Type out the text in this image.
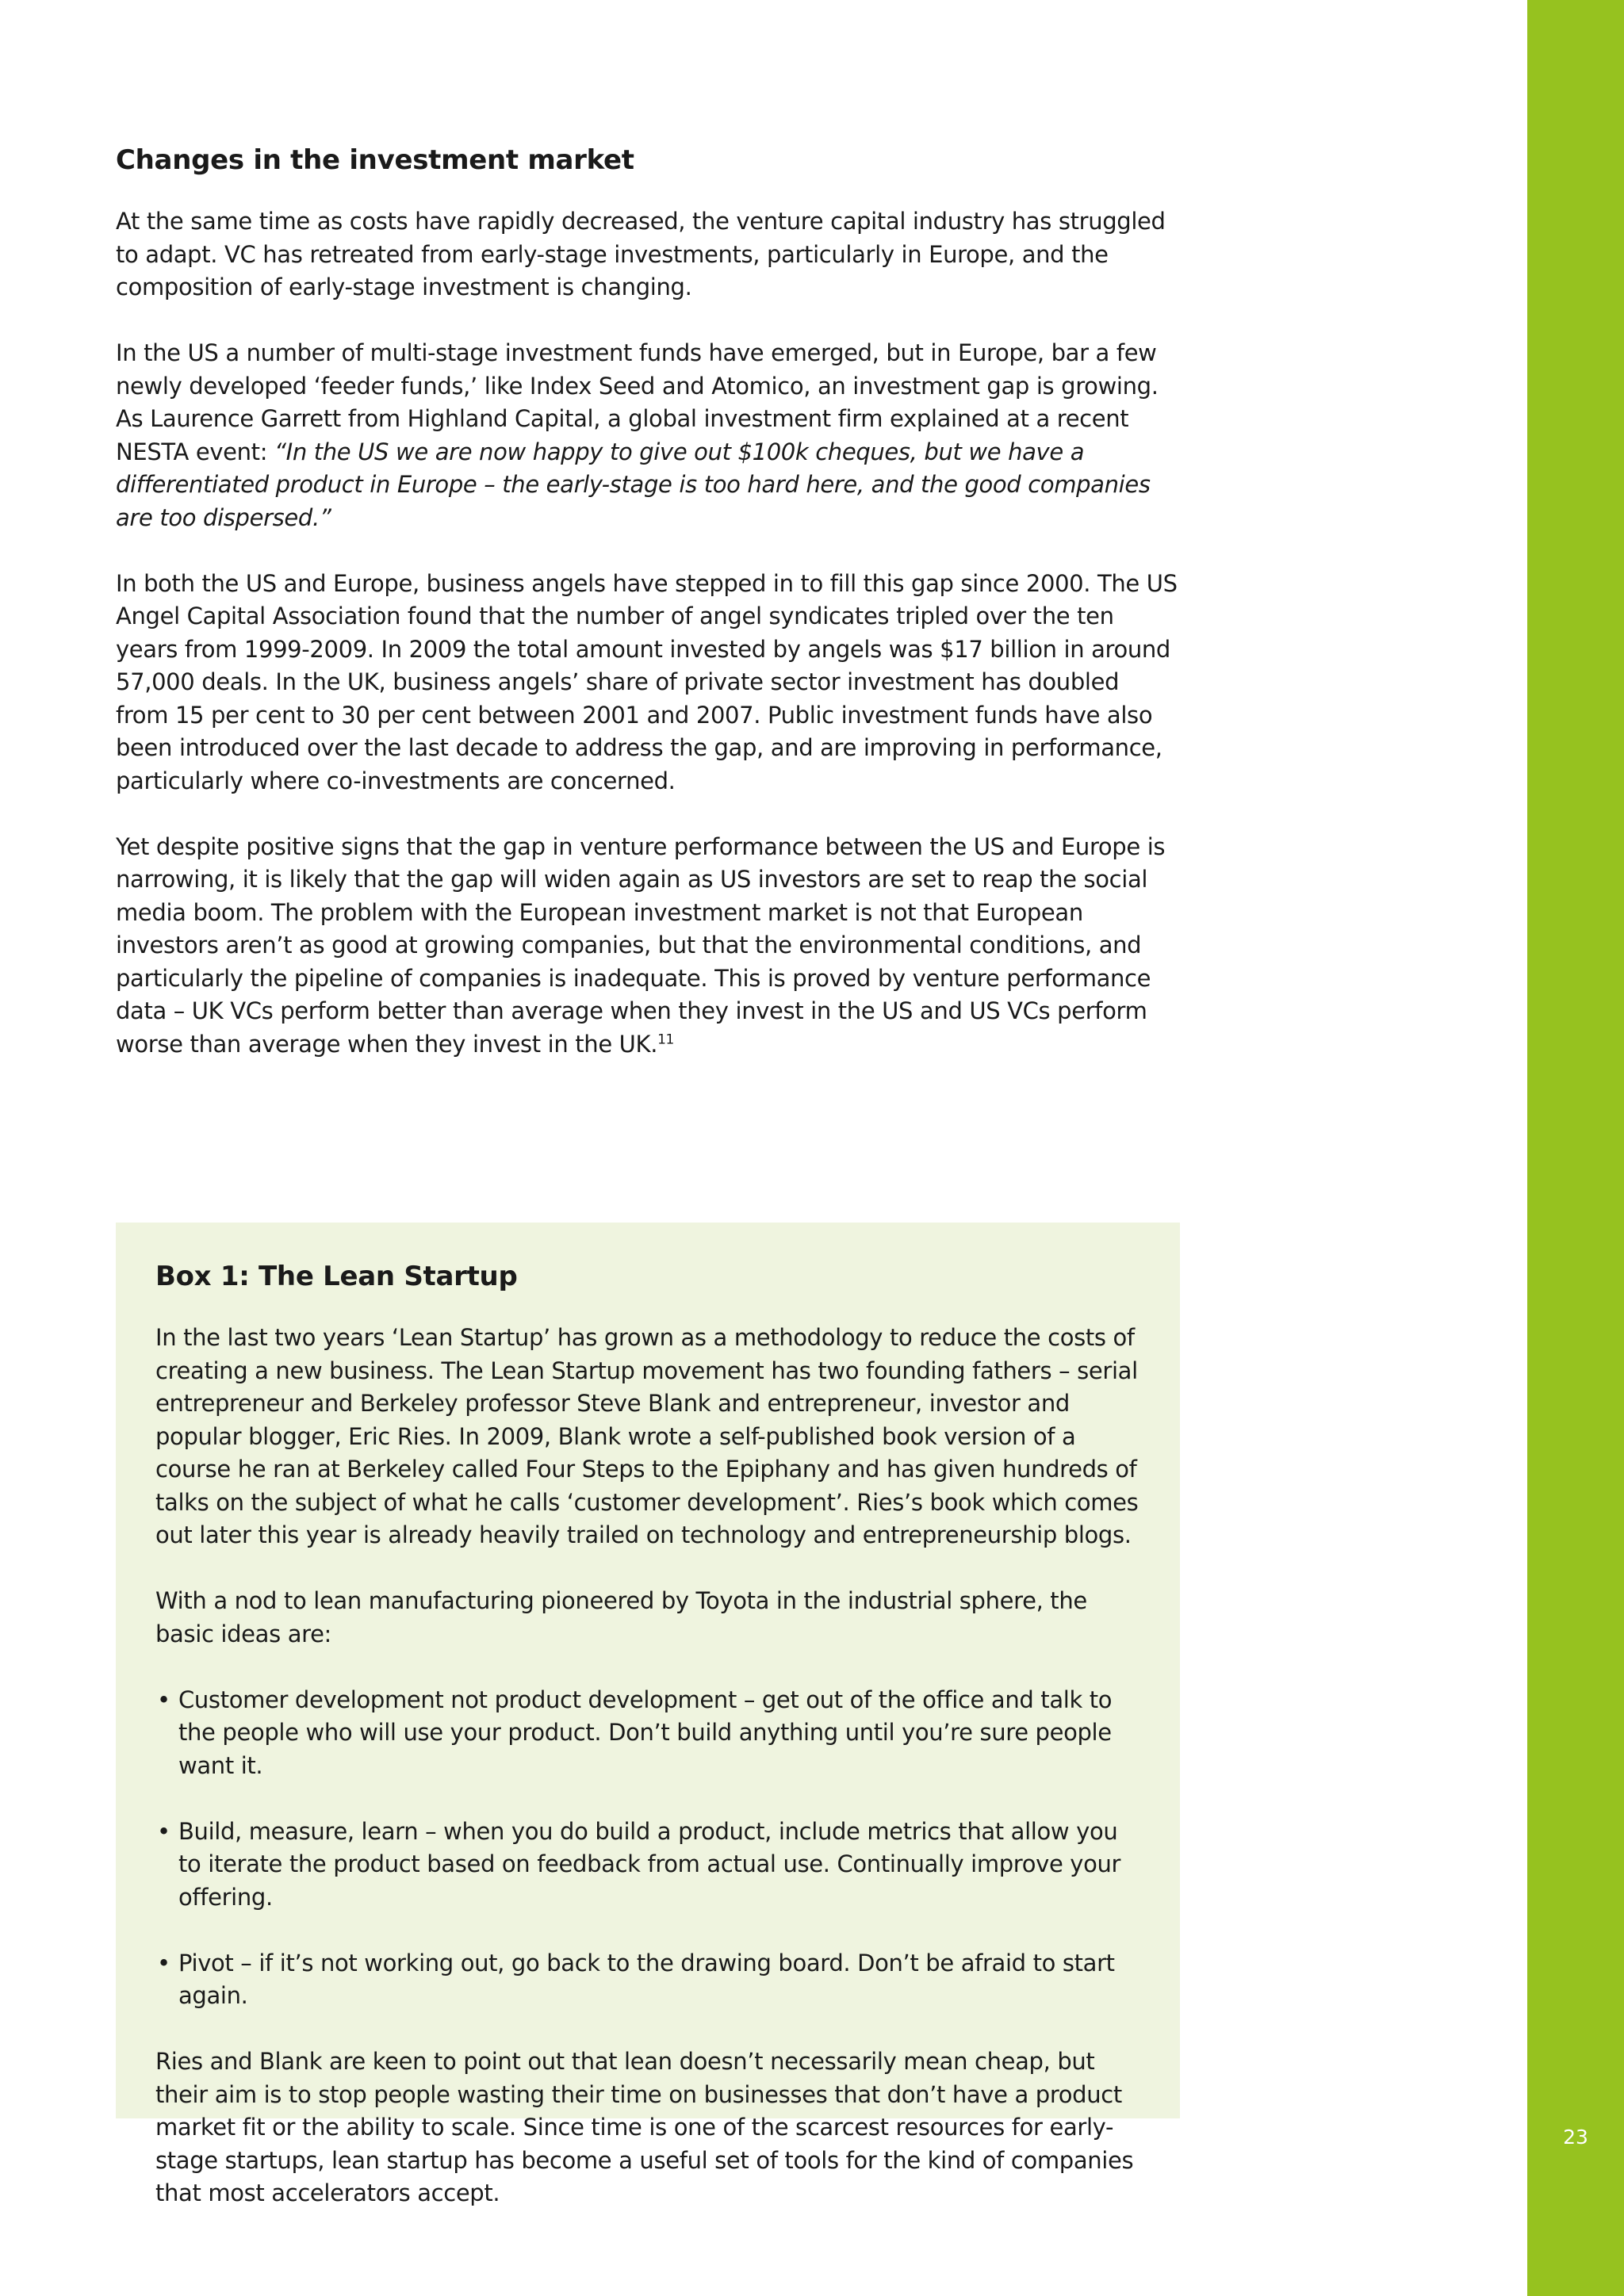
Changes in the investment market

At the same time as costs have rapidly decreased, the venture capital industry has struggled to adapt. VC has retreated from early-stage investments, particularly in Europe, and the composition of early-stage investment is changing.

In the US a number of multi-stage investment funds have emerged, but in Europe, bar a few newly developed ‘feeder funds,’ like Index Seed and Atomico, an investment gap is growing. As Laurence Garrett from Highland Capital, a global investment firm explained at a recent NESTA event: “In the US we are now happy to give out $100k cheques, but we have a differentiated product in Europe – the early-stage is too hard here, and the good companies are too dispersed.”

In both the US and Europe, business angels have stepped in to fill this gap since 2000. The US Angel Capital Association found that the number of angel syndicates tripled over the ten years from 1999-2009. In 2009 the total amount invested by angels was $17 billion in around 57,000 deals. In the UK, business angels’ share of private sector investment has doubled from 15 per cent to 30 per cent between 2001 and 2007. Public investment funds have also been introduced over the last decade to address the gap, and are improving in performance, particularly where co-investments are concerned.

Yet despite positive signs that the gap in venture performance between the US and Europe is narrowing, it is likely that the gap will widen again as US investors are set to reap the social media boom. The problem with the European investment market is not that European investors aren’t as good at growing companies, but that the environmental conditions, and particularly the pipeline of companies is inadequate. This is proved by venture performance data – UK VCs perform better than average when they invest in the US and US VCs perform worse than average when they invest in the UK.$^{11}$

Box 1: The Lean Startup

In the last two years ‘Lean Startup’ has grown as a methodology to reduce the costs of creating a new business. The Lean Startup movement has two founding fathers – serial entrepreneur and Berkeley professor Steve Blank and entrepreneur, investor and popular blogger, Eric Ries. In 2009, Blank wrote a self-published book version of a course he ran at Berkeley called Four Steps to the Epiphany and has given hundreds of talks on the subject of what he calls ‘customer development’. Ries’s book which comes out later this year is already heavily trailed on technology and entrepreneurship blogs.

With a nod to lean manufacturing pioneered by Toyota in the industrial sphere, the basic ideas are:

• Customer development not product development – get out of the office and talk to the people who will use your product. Don’t build anything until you’re sure people want it.
• Build, measure, learn – when you do build a product, include metrics that allow you to iterate the product based on feedback from actual use. Continually improve your offering.
• Pivot – if it’s not working out, go back to the drawing board. Don’t be afraid to start again.

Ries and Blank are keen to point out that lean doesn’t necessarily mean cheap, but their aim is to stop people wasting their time on businesses that don’t have a product market fit or the ability to scale. Since time is one of the scarcest resources for early-stage startups, lean startup has become a useful set of tools for the kind of companies that most accelerators accept.

23
